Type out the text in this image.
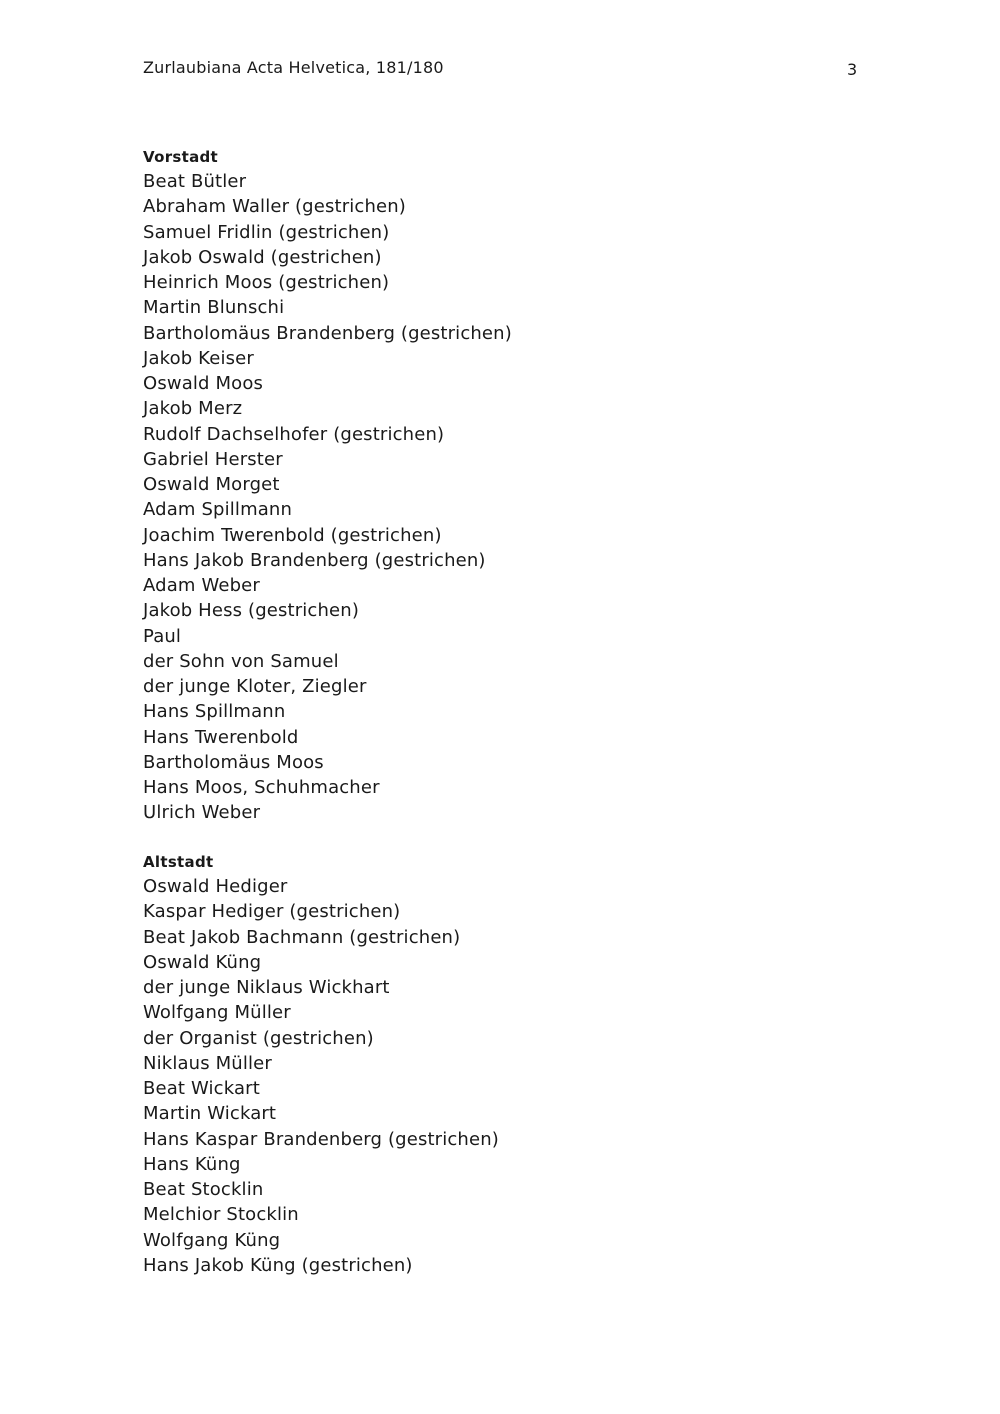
Zurlaubiana Acta Helvetica, 181/180	3
Vorstadt
Beat Bütler
Abraham Waller (gestrichen)
Samuel Fridlin (gestrichen)
Jakob Oswald (gestrichen)
Heinrich Moos (gestrichen)
Martin Blunschi
Bartholomäus Brandenberg (gestrichen)
Jakob Keiser
Oswald Moos
Jakob Merz
Rudolf Dachselhofer (gestrichen)
Gabriel Herster
Oswald Morget
Adam Spillmann
Joachim Twerenbold (gestrichen)
Hans Jakob Brandenberg (gestrichen)
Adam Weber
Jakob Hess (gestrichen)
Paul
der Sohn von Samuel
der junge Kloter, Ziegler
Hans Spillmann
Hans Twerenbold
Bartholomäus Moos
Hans Moos, Schuhmacher
Ulrich Weber
Altstadt
Oswald Hediger
Kaspar Hediger (gestrichen)
Beat Jakob Bachmann (gestrichen)
Oswald Küng
der junge Niklaus Wickhart
Wolfgang Müller
der Organist (gestrichen)
Niklaus Müller
Beat Wickart
Martin Wickart
Hans Kaspar Brandenberg (gestrichen)
Hans Küng
Beat Stocklin
Melchior Stocklin
Wolfgang Küng
Hans Jakob Küng (gestrichen)
